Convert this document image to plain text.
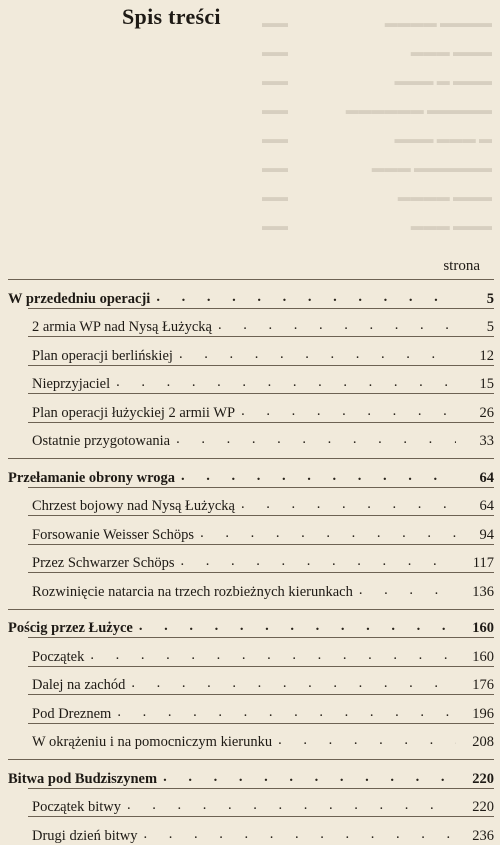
▬▬▬▬ ▬▬▬▬
▬▬
▬▬▬ ▬▬▬
▬▬
▬▬▬ ▬ ▬▬▬
▬▬
▬▬▬▬▬ ▬▬▬▬▬▬
▬▬
▬ ▬▬▬ ▬▬▬
▬▬
▬▬▬▬▬▬ ▬▬▬
▬▬
▬▬▬ ▬▬▬▬
▬▬
▬▬▬ ▬▬▬
▬▬
Spis treści
strona
W przededniu operacji . . .	5
2 armia WP nad Nysą Łużycką . . .	5
Plan operacji berlińskiej . . .	12
Nieprzyjaciel . . .	15
Plan operacji łużyckiej 2 armii WP . . .	26
Ostatnie przygotowania . . .	33
Przełamanie obrony wroga . . .	64
Chrzest bojowy nad Nysą Łużycką . . .	64
Forsowanie Weisser Schöps . . .	94
Przez Schwarzer Schöps . . .	117
Rozwinięcie natarcia na trzech rozbieżnych kierunkach . . .	136
Pościg przez Łużyce . . .	160
Początek . . .	160
Dalej na zachód . . .	176
Pod Dreznem . . .	196
W okrążeniu i na pomocniczym kierunku . . .	208
Bitwa pod Budziszynem . . .	220
Początek bitwy . . .	220
Drugi dzień bitwy . . .	236
